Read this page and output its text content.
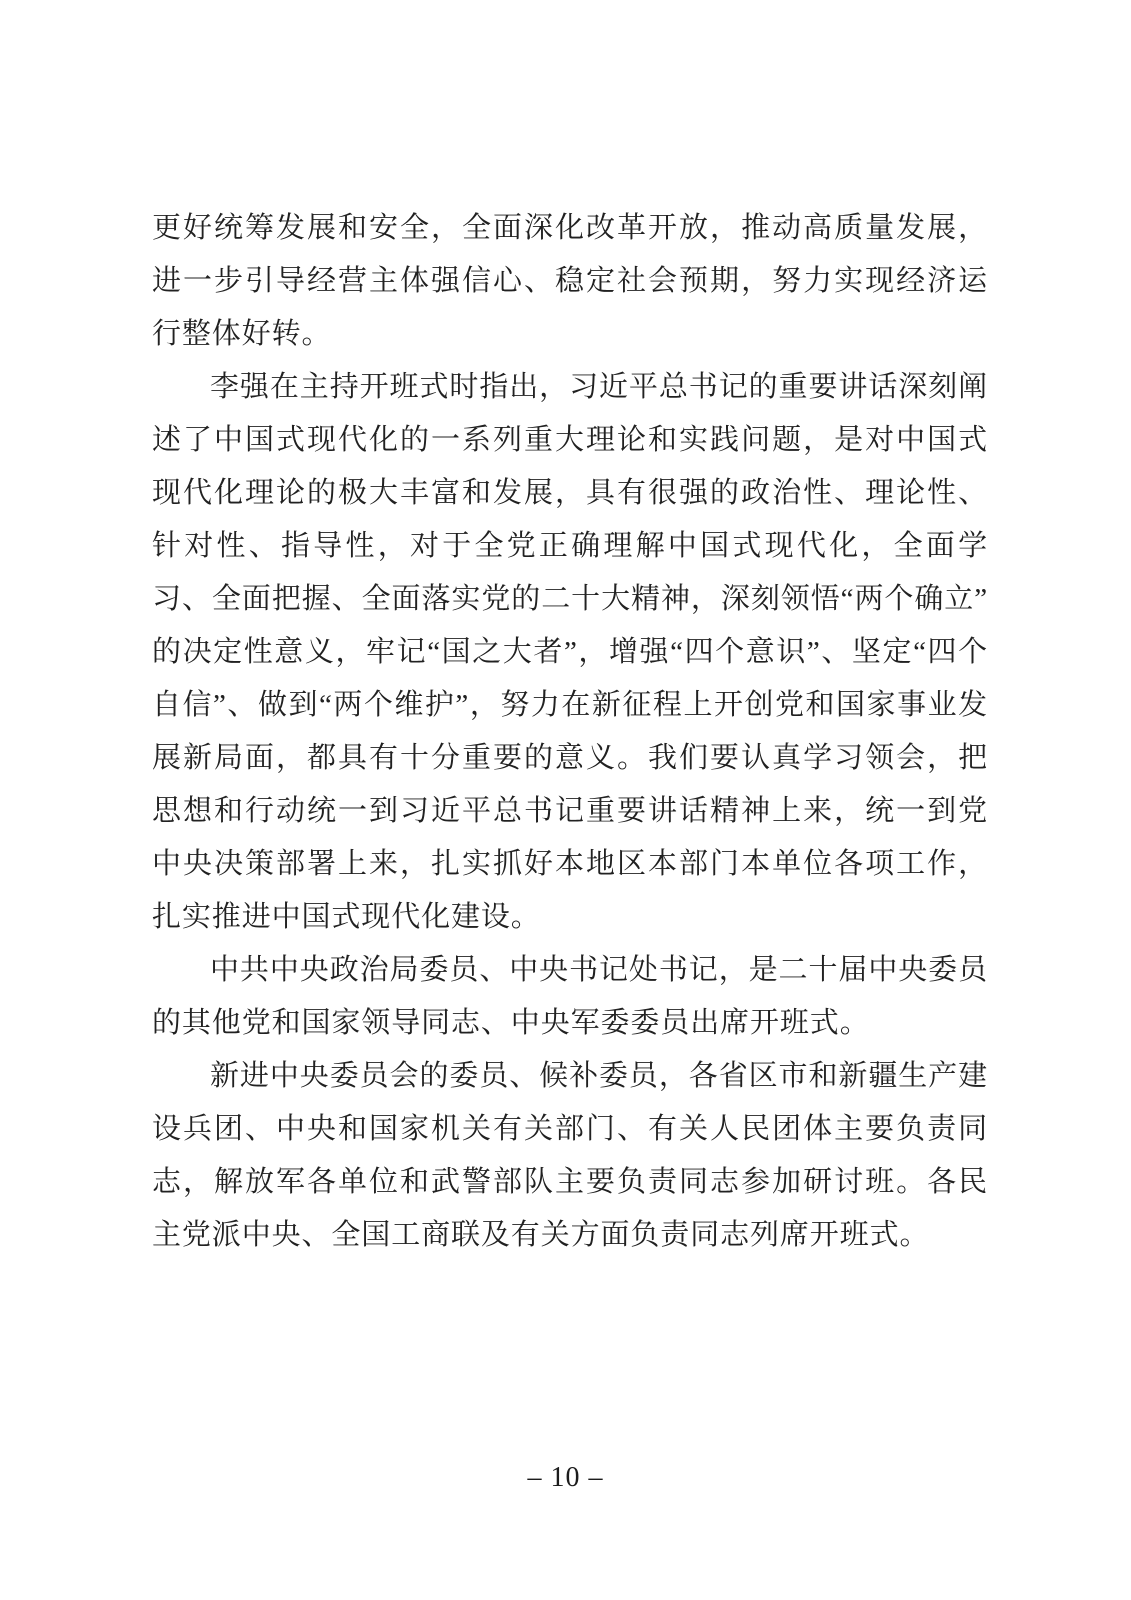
更好统筹发展和安全，全面深化改革开放，推动高质量发展，进一步引导经营主体强信心、稳定社会预期，努力实现经济运行整体好转。

李强在主持开班式时指出，习近平总书记的重要讲话深刻阐述了中国式现代化的一系列重大理论和实践问题，是对中国式现代化理论的极大丰富和发展，具有很强的政治性、理论性、针对性、指导性，对于全党正确理解中国式现代化，全面学习、全面把握、全面落实党的二十大精神，深刻领悟“两个确立”的决定性意义，牢记“国之大者”，增强“四个意识”、坚定“四个自信”、做到“两个维护”，努力在新征程上开创党和国家事业发展新局面，都具有十分重要的意义。我们要认真学习领会，把思想和行动统一到习近平总书记重要讲话精神上来，统一到党中央决策部署上来，扎实抓好本地区本部门本单位各项工作，扎实推进中国式现代化建设。

中共中央政治局委员、中央书记处书记，是二十届中央委员的其他党和国家领导同志、中央军委委员出席开班式。

新进中央委员会的委员、候补委员，各省区市和新疆生产建设兵团、中央和国家机关有关部门、有关人民团体主要负责同志，解放军各单位和武警部队主要负责同志参加研讨班。各民主党派中央、全国工商联及有关方面负责同志列席开班式。

– 10 –
